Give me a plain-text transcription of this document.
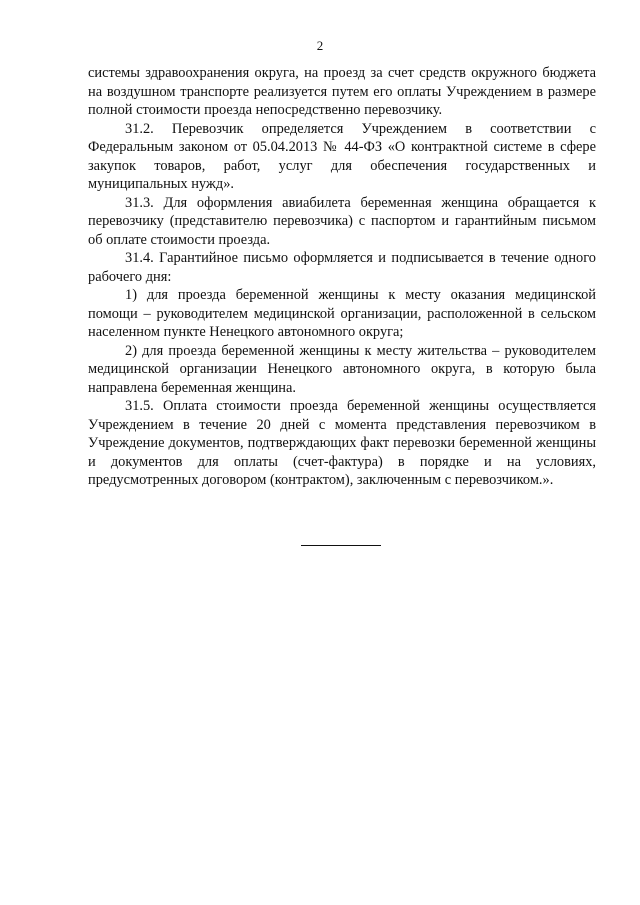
2

системы здравоохранения округа, на проезд за счет средств окружного бюджета на воздушном транспорте реализуется путем его оплаты Учреждением в размере полной стоимости проезда непосредственно перевозчику.

31.2. Перевозчик определяется Учреждением в соответствии с Федеральным законом от 05.04.2013 № 44-ФЗ «О контрактной системе в сфере закупок товаров, работ, услуг для обеспечения государственных и муниципальных нужд».

31.3. Для оформления авиабилета беременная женщина обращается к перевозчику (представителю перевозчика) с паспортом и гарантийным письмом об оплате стоимости проезда.

31.4. Гарантийное письмо оформляется и подписывается в течение одного рабочего дня:

1) для проезда беременной женщины к месту оказания медицинской помощи – руководителем медицинской организации, расположенной в сельском населенном пункте Ненецкого автономного округа;

2) для проезда беременной женщины к месту жительства – руководителем медицинской организации Ненецкого автономного округа, в которую была направлена беременная женщина.

31.5. Оплата стоимости проезда беременной женщины осуществляется Учреждением в течение 20 дней с момента представления перевозчиком в Учреждение документов, подтверждающих факт перевозки беременной женщины и документов для оплаты (счет-фактура) в порядке и на условиях, предусмотренных договором (контрактом), заключенным с перевозчиком.».
